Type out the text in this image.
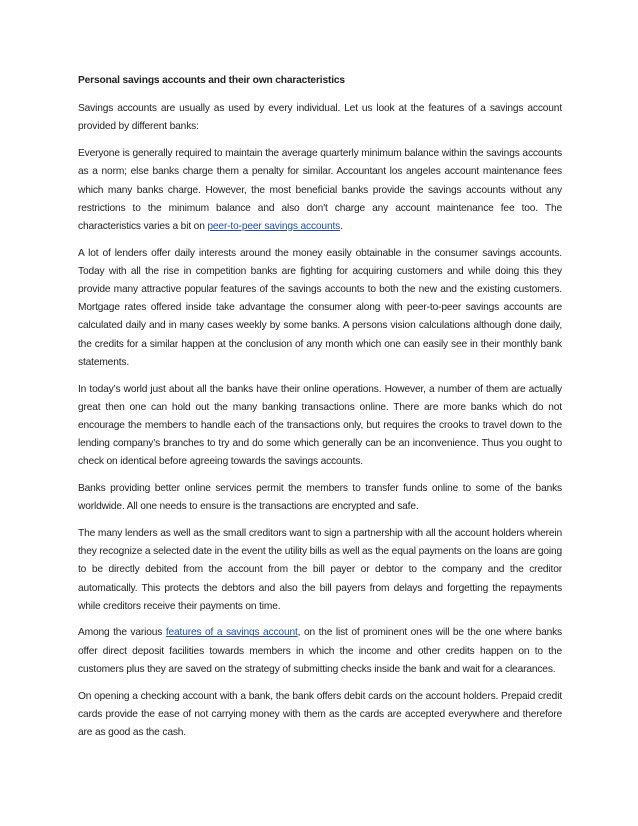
Personal savings accounts and their own characteristics

Savings accounts are usually as used by every individual. Let us look at the features of a savings account provided by different banks:

Everyone is generally required to maintain the average quarterly minimum balance within the savings accounts as a norm; else banks charge them a penalty for similar. Accountant los angeles account maintenance fees which many banks charge. However, the most beneficial banks provide the savings accounts without any restrictions to the minimum balance and also don't charge any account maintenance fee too. The characteristics varies a bit on peer-to-peer savings accounts.

A lot of lenders offer daily interests around the money easily obtainable in the consumer savings accounts. Today with all the rise in competition banks are fighting for acquiring customers and while doing this they provide many attractive popular features of the savings accounts to both the new and the existing customers. Mortgage rates offered inside take advantage the consumer along with peer-to-peer savings accounts are calculated daily and in many cases weekly by some banks. A persons vision calculations although done daily, the credits for a similar happen at the conclusion of any month which one can easily see in their monthly bank statements.

In today’s world just about all the banks have their online operations. However, a number of them are actually great then one can hold out the many banking transactions online. There are more banks which do not encourage the members to handle each of the transactions only, but requires the crooks to travel down to the lending company’s branches to try and do some which generally can be an inconvenience. Thus you ought to check on identical before agreeing towards the savings accounts.

Banks providing better online services permit the members to transfer funds online to some of the banks worldwide. All one needs to ensure is the transactions are encrypted and safe.

The many lenders as well as the small creditors want to sign a partnership with all the account holders wherein they recognize a selected date in the event the utility bills as well as the equal payments on the loans are going to be directly debited from the account from the bill payer or debtor to the company and the creditor automatically. This protects the debtors and also the bill payers from delays and forgetting the repayments while creditors receive their payments on time.

Among the various features of a savings account, on the list of prominent ones will be the one where banks offer direct deposit facilities towards members in which the income and other credits happen on to the customers plus they are saved on the strategy of submitting checks inside the bank and wait for a clearances.

On opening a checking account with a bank, the bank offers debit cards on the account holders. Prepaid credit cards provide the ease of not carrying money with them as the cards are accepted everywhere and therefore are as good as the cash.
